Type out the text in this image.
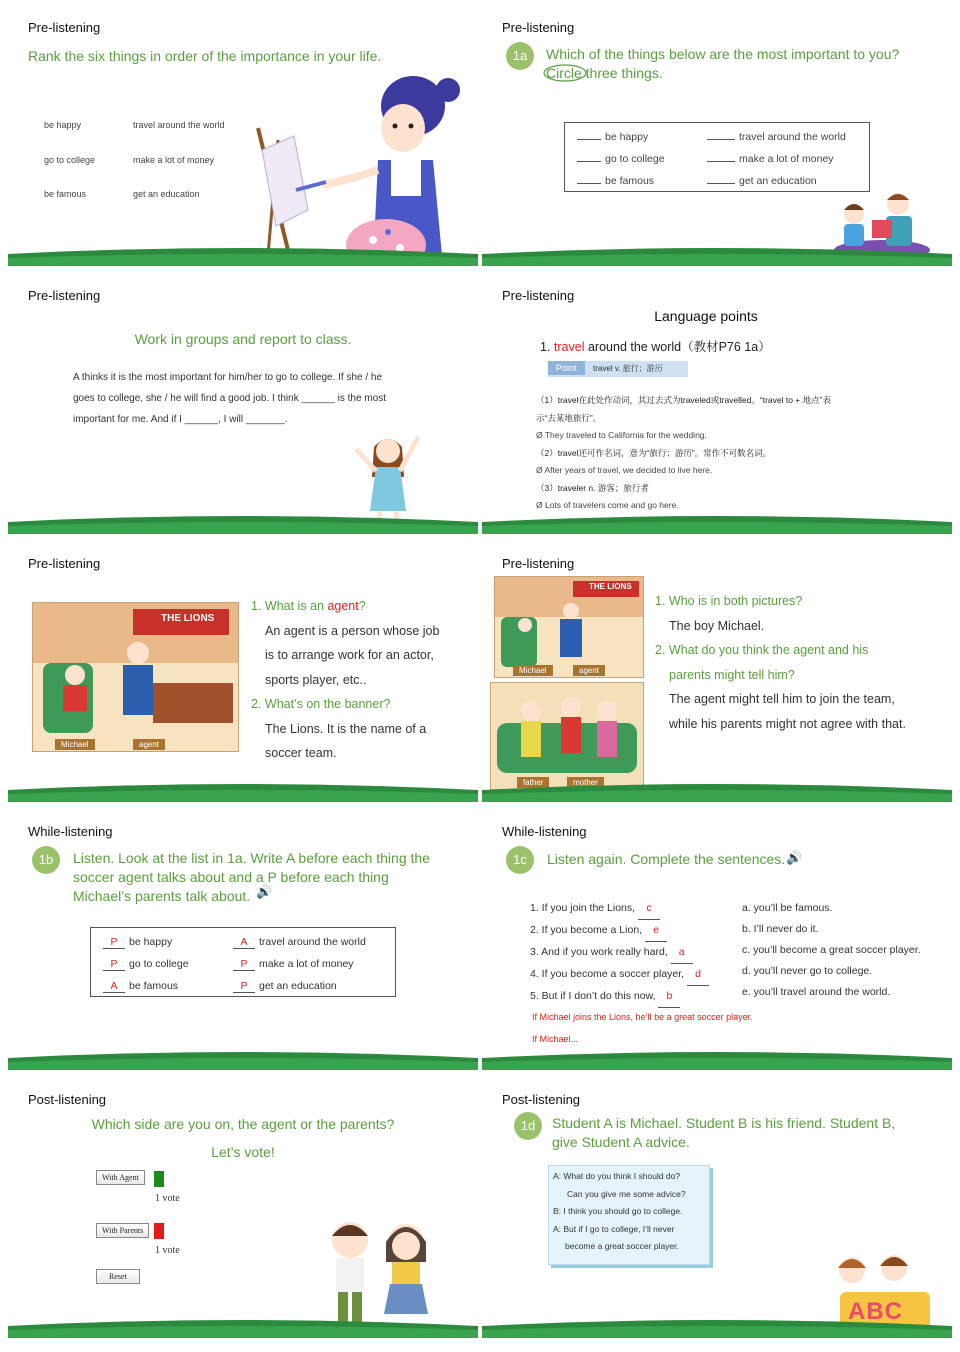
Pre-listening
Rank the six things in order of the importance in your life.
be happy	travel around the world
go to college	make a lot of money
be famous	get an education
Pre-listening
1a	Which of the things below are the most important to you? Circle three things.
be happy	travel around the world
go to college	make a lot of money
be famous	get an education
Pre-listening
Work in groups and report to class.
A thinks it is the most important for him/her to go to college. If she / he
goes to college, she / he will find a good job. I think ______ is the most
important for me. And if I ______, I will _______.
Pre-listening
Language points
1. travel around the world（教材P76 1a）
Point travel v. 旅行；游历
（1）travel在此处作动词，其过去式为traveled或travelled。“travel to + 地点”表
示“去某地旅行”。
Ø They traveled to California for the wedding.
（2）travel还可作名词，意为“旅行；游历”。常作不可数名词。
Ø After years of travel, we decided to live here.
（3）traveler n. 游客；旅行者
Ø Lots of travelers come and go here.
Pre-listening
THE LIONS
Michael	agent
1. What is an agent?
An agent is a person whose job
is to arrange work for an actor,
sports player, etc..
2. What’s on the banner?
The Lions. It is the name of a
soccer team.
Pre-listening
THE LIONS
Michael	agent
father	mother
1. Who is in both pictures?
The boy Michael.
2. What do you think the agent and his
parents might tell him?
The agent might tell him to join the team,
while his parents might not agree with that.
While-listening
1b	Listen. Look at the list in 1a. Write A before each thing the soccer agent talks about and a P before each thing Michael’s parents talk about. 🔊
P be happy	A travel around the world
P go to college	P make a lot of money
A be famous	P get an education
While-listening
1c	Listen again. Complete the sentences. 🔊
1. If you join the Lions, c
2. If you become a Lion, e
3. And if you work really hard, a
4. If you become a soccer player, d
5. But if I don’t do this now, b
a. you’ll be famous.
b. I’ll never do it.
c. you’ll become a great soccer player.
d. you’ll never go to college.
e. you’ll travel around the world.
If Michael joins the Lions, he’ll be a great soccer player.
If Michael...
Post-listening
Which side are you on, the agent or the parents?
Let’s vote!
With Agent
1 vote
With Parents
1 vote
Reset
Post-listening
1d	Student A is Michael. Student B is his friend. Student B, give Student A advice.
A: What do you think I should do?
Can you give me some advice?
B: I think you should go to college.
A: But if I go to college, I’ll never
become a great soccer player.
ABC
